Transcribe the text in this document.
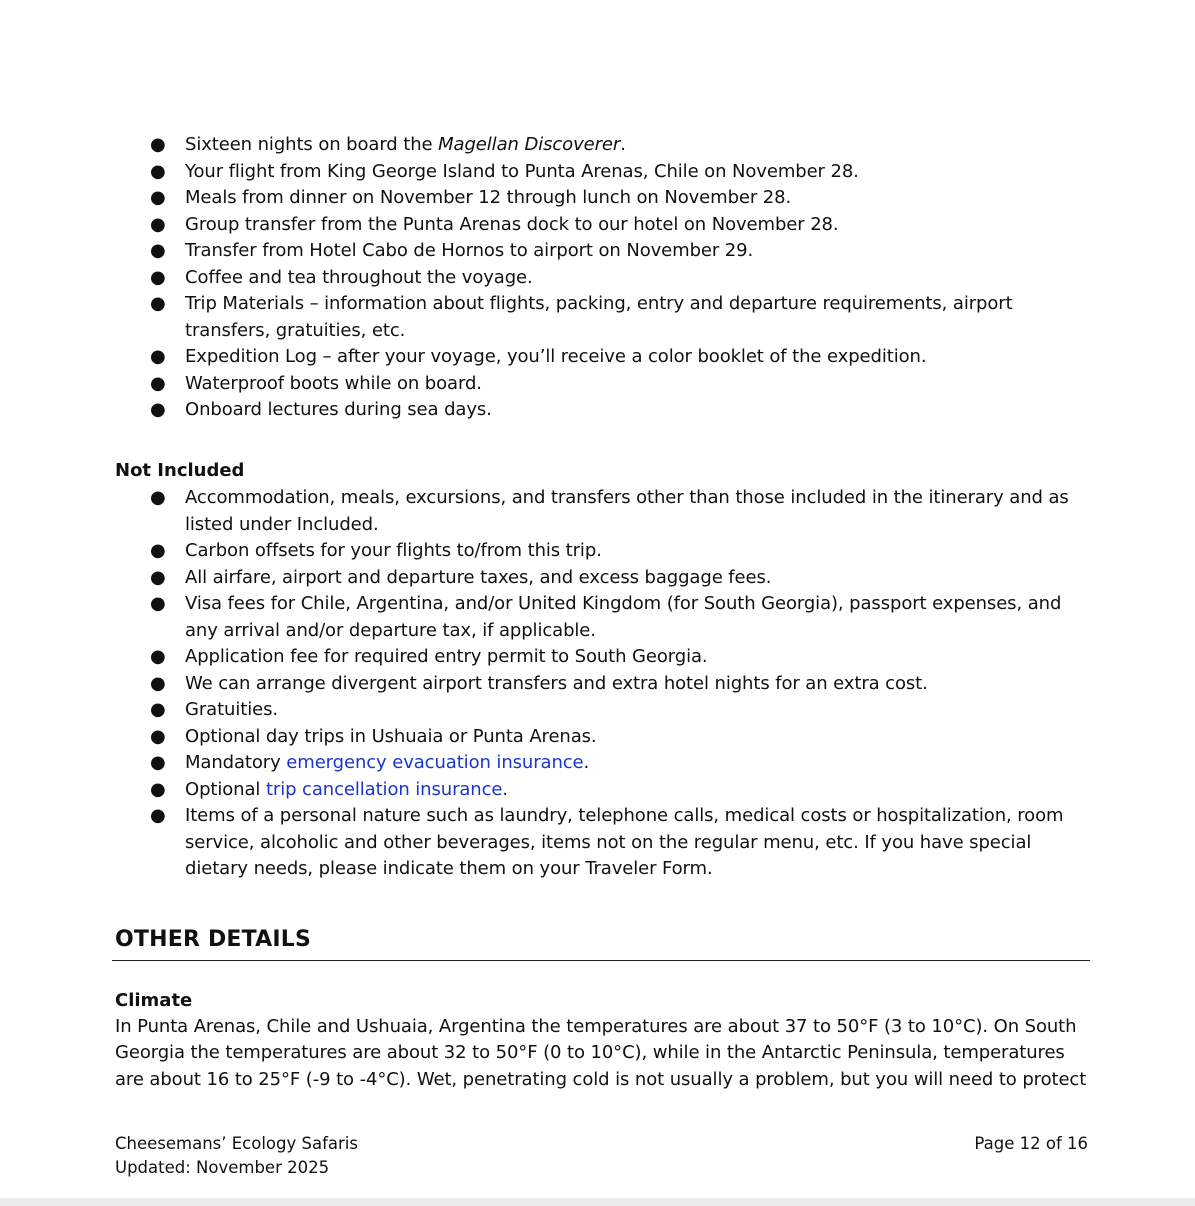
● Sixteen nights on board the Magellan Discoverer.
● Your flight from King George Island to Punta Arenas, Chile on November 28.
● Meals from dinner on November 12 through lunch on November 28.
● Group transfer from the Punta Arenas dock to our hotel on November 28.
● Transfer from Hotel Cabo de Hornos to airport on November 29.
● Coffee and tea throughout the voyage.
● Trip Materials – information about flights, packing, entry and departure requirements, airport transfers, gratuities, etc.
● Expedition Log – after your voyage, you’ll receive a color booklet of the expedition.
● Waterproof boots while on board.
● Onboard lectures during sea days.
Not Included
● Accommodation, meals, excursions, and transfers other than those included in the itinerary and as listed under Included.
● Carbon offsets for your flights to/from this trip.
● All airfare, airport and departure taxes, and excess baggage fees.
● Visa fees for Chile, Argentina, and/or United Kingdom (for South Georgia), passport expenses, and any arrival and/or departure tax, if applicable.
● Application fee for required entry permit to South Georgia.
● We can arrange divergent airport transfers and extra hotel nights for an extra cost.
● Gratuities.
● Optional day trips in Ushuaia or Punta Arenas.
● Mandatory emergency evacuation insurance.
● Optional trip cancellation insurance.
● Items of a personal nature such as laundry, telephone calls, medical costs or hospitalization, room service, alcoholic and other beverages, items not on the regular menu, etc. If you have special dietary needs, please indicate them on your Traveler Form.
OTHER DETAILS
Climate

In Punta Arenas, Chile and Ushuaia, Argentina the temperatures are about 37 to 50°F (3 to 10°C). On South Georgia the temperatures are about 32 to 50°F (0 to 10°C), while in the Antarctic Peninsula, temperatures are about 16 to 25°F (-9 to -4°C). Wet, penetrating cold is not usually a problem, but you will need to protect

Cheesemans’ Ecology Safaris
Updated: November 2025
Page 12 of 16
